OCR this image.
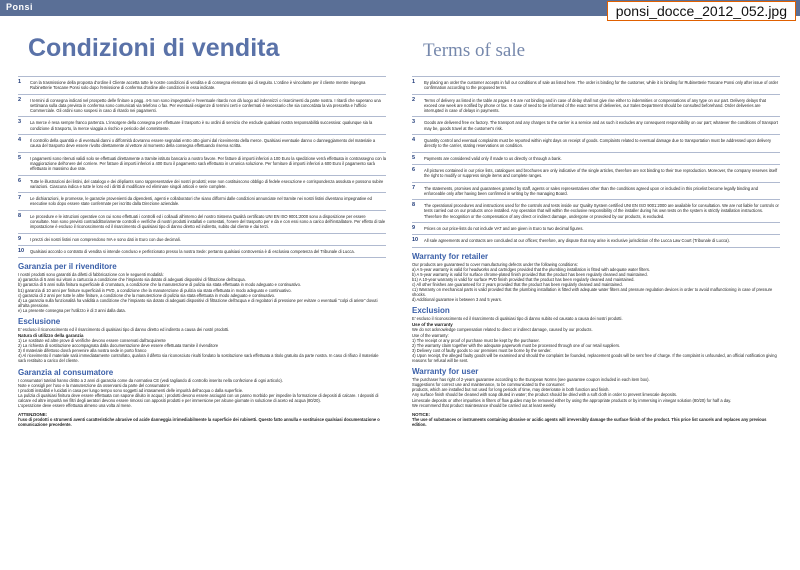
Ponsi	ponsi_docce_2012_052.jpg
Condizioni di vendita	Terms of sale
1 Con la trasmissione della proposta d'ordine il Cliente accetta tutte le nostre condizioni di vendita e di consegna elencate qui di seguito. L'ordine è vincolante per il cliente mentre impegna Rubinetterie Toscane Ponsi solo dopo l'emissione di conferma d'ordine alle condizioni in essa indicate.
2 I termini di consegna indicati nel prospetto delle finiture a pagg. 4-5 non sono impegnativi e l'eventuale ritardo non dà luogo ad indennizzi o risarcimenti da parte nostra. I ritardi che superano una settimana sulla data prevista in conferma sono comunicati via telefono o fax. Per eventuali esigenze di termini certi e confermati è necessario che sia concordata la via prescelta e l'ufficio Commerciale. Gli ordini sono sospesi in caso di ritardo nei pagamenti.
3 La merce è resa sempre franco partenza. L'insorgere della consegna per effettuare il trasporto è su ordini di servizio che esclude qualsiasi nostra responsabilità successiva: qualunque sia la condizione di trasporto, la merce viaggia a rischio e pericolo del committente.
4 Il controllo della quantità e di eventuali danni o difformità dovranno essere segnalati entro otto giorni dal ricevimento della merce. Qualsiasi eventuale danno o danneggiamento del materiale a causa del trasporto deve essere rivolto direttamente al vettore al momento della consegna effettuando riserva scritta.
5 I pagamenti sono ritenuti validi solo se effettuati direttamente a tramite istituto bancario a nostro favore. Per fatture di importi inferiori a 100 Euro la spedizione verrà effettuata in contrassegno con la maggiorazione dell'onere del corriere. Per fatture di importi inferiori a 400 Euro il pagamento sarà effettuato in un'unica soluzione. Per forniture di importi inferiori a 600 Euro il pagamento sarà effettuato in massimo due rate.
6 Tutte le illustrazioni dei listini, del catalogo e dei dépliants sono rappresentative dei nostri prodotti; esse non costituiscono obbligo di fedele esecuzione e corrispondenza assoluta e possono subire variazioni. Ciascuna indica e tutte le loro ed i diritti di modificare ed eliminare singoli articoli e serie complete.
7 Le dichiarazioni, le promesse, le garanzie provenienti da dipendenti, agenti e collaboratori che siano difformi dalle condizioni annunciate nel tramite nei nostri listini diventano impegnative ed esecutive solo dopo essere state confermate per iscritto dalla Direzione aziendale.
8 Le procedure e le istruzioni operative con cui sono effettuati i controlli ed i collaudi all'interno del nostro Sistema Qualità certificato UNI EN ISO 9001:2000 sono a disposizione per essere consultate. Non sono previsti contraddittoriamente controlli e verifiche di nostri prodotti installati e contestati, l'onere del trasporto per e da e con essi sono a carico dell'installatore. Per effetto di tale impostazione è escluso il riconoscimento ed il risarcimento di qualsiasi tipo di danno diretto ed indiretto, subito dal cliente e dai terzi.
9 I prezzi dei nostri listini non comprendono IVA e sono dati in Euro con due decimali.
10 Qualsiasi accordo o contratto di vendita si intende concluso e perfezionato presso la nostra Sede: pertanto qualsiasi controversia è di esclusiva competenza del Tribunale di Lucca.
Garanzia per il rivenditore
I nostri prodotti sono garantiti da difetti di fabbricazione con le seguenti modalità:
a) garanzia di 5 anni sui vitoni a cartuccia a condizione che l'impianto sia dotato di adeguati dispositivi di filtrazione dell'acqua.
b) garanzia di 5 anni sulla finitura superficiale di cromatura, a condizione che la manutenzione di pulizia sia stata effettuata in modo adeguato e continuativo.
b1) garanzia di 10 anni per finiture superficiali in PVD, a condizione che la manutenzione di pulizia sia stata effettuata in modo adeguato e continuativo.
c) garanzia di 2 anni per tutte le altre finiture, a condizione che la manutenzione di pulizia sia stata effettuata in modo adeguato e continuativo.
d) La garanzia sulla funzionalità ha validità a condizione che l'impianto sia dotato di adeguati dispositivi di filtrazione dell'acqua e di regolatori di pressione per evitare o eventuali "colpi di ariete" dovuti all'alta pressione.
e) La presente consegna per l'utilizzo è di 3 anni dalla data.
Esclusione
E' escluso il riconoscimento ed il risarcimento di qualsiasi tipo di danno diretto ed indiretto a causa dei nostri prodotti.
Natura di utilizzo della garanzia
1) Le sostitute ed altre prove di verifiche devono essere conservati dall'acquirente
2) La richiesta di sostituzione accompagnata dalla documentazione deve essere effettuata tramite il rivenditore
3) Il materiale difettoso dovrà pervenire alla nostra sede in porto franco
4) Al ricevimento il materiale sarà immediatamente controllato, qualora il difetto sia riconosciuto risulti fondato la sostituzione sarà effettuata a titolo gratuito da parte nostra. In caso di rifiuto il materiale sarà restituito a carico del cliente.
Garanzia al consumatore
I consumatori tutelati hanno diritto a 2 anni di garanzia come da normativa CE (vedi tagliando di controllo inserito nella confezione di ogni articolo).
Note e consigli per l'uso e la manutenzione da osservarsi da parte del consumatore:
I prodotti installati e lucidati in casa per lungo tempo sono soggetti ad intasamenti delle impurità dell'acqua o dalla superficie.
La pulizia di qualsiasi finitura deve essere effettuata con sapone diluito in acqua; i prodotti devono essere asciugati con un panno morbido per impedire la formazione di depositi di calcare. I depositi di calcare ed altre impurità nei filtri degli aeratori devono essere rimossi con appositi prodotti e per immersione per alcune giornate in soluzione di aceto ed acqua (80/20).
L'operazione deve essere effettuata almeno una volta al mese.
ATTENZIONE:
l'uso di prodotti o strumenti aventi caratteristiche abrasive od acide danneggia irrimediabilmente la superficie dei rubinetti. Questo fatto annulla e sostituisce qualsiasi documentazione o comunicazione precedente.
1 By placing an order the customer accepts in full our conditions of sale as listed here. The order is binding for the customer, while it is binding for Rubinetterie Toscane Ponsi only after issue of order confirmation according to the proposed terms.
2 Terms of delivery as listed in the table at pages 4-5 are not binding and in case of delay shall not give rise either to indemnities or compensations of any type on our part. Delivery delays that exceed one week are notified by phone or fax. In case of need to be informed of the exact terms of deliveries, our Sales Department should be consulted beforehand. Order deliveries are interrupted in case of delays in payments.
3 Goods are delivered free ex factory. The transport and any charges to the carrier is a service and as such it excludes any consequent responsibility on our part; whatever the conditions of transport may be, goods travel at the customer's risk.
4 Quantity control and eventual complaints must be reported within eight days on receipt of goods. Complaints related to eventual damage due to transportation must be addressed upon delivery directly to the carrier, stating reservations on condition.
5 Payments are considered valid only if made to us directly or through a bank.
6 All pictures contained in our price lists, catalogues and brochures are only indicative of the single articles, therefore are not binding to their true reproduction. Moreover, the company reserves itself the right to modify or suppress single items and complete ranges.
7 The statements, promises and guarantees granted by staff, agents or sales representatives other than the conditions agreed upon or included in this pricelist become legally binding and enforceable only after having been confirmed in writing by the managing Board.
8 The operational procedures and instructions used for the controls and tests inside our Quality System certified UNI EN ISO 9001:2000 are available for consultation. We are not liable for controls or tests carried out on our products once installed. Any operation that will within the exclusive responsibility of the installer during his own tests on the system is strictly installation instructions. Therefore the recognition or the compensation of any direct or indirect damage, undergone or provoked by our products, is excluded.
9 Prices on our price-lists do not include VAT and are given in Euro to two decimal figures.
10 All sale agreements and contracts are concluded at our offices; therefore, any dispute that may arise is exclusive jurisdiction of the Lucca Law Court (Tribunale di Lucca).
Warranty for retailer
Our products are guaranteed to cover manufacturing defects under the following conditions:
a) A 5-year warranty is valid for headworks and cartridges provided that the plumbing installation is fitted with adequate water filters.
b) A 5-year warranty is valid for surface chrome-plated finish provided that the product has been regularly cleaned and maintained.
b1) A 10-year warranty is valid for surface PVD finish provided that the product has been regularly cleaned and maintained.
c) All other finishes are guaranteed for 2 years provided that the product has been regularly cleaned and maintained.
c1) Warranty on mechanical parts is valid provided that the plumbing installation is fitted with adequate water filters and pressure regulation devices in order to avoid malfunctioning in case of pressure shocks.
d) Additional guarantee is between 3 and 5 years.
Exclusion
E' escluso il riconoscimento ed il risarcimento di qualsiasi tipo di danno subito ed causato a causa dei nostri prodotti.
Use of the warranty
We do not acknowledge compensation related to direct or indirect damage, caused by our products.
Use of the warranty:
1) The receipt or any proof of purchase must be kept by the purchaser.
2) The warranty claim together with the adequate paperwork must be processed through one of our retail suppliers.
3) Delivery cost of faulty goods to our premises must be borne by the sender.
4) Upon receipt, the alleged faulty goods will be examined and should the complaint be founded, replacement goods will be sent free of charge. If the complaint is unfounded, an official notification giving reasons for refusal will be sent.
Warranty for user
The purchaser has right of 2-years guarantee according to the European Norms (see guarantee coupon included in each item box).
Suggestions for correct use and maintenance, to be communicated to the consumer:
products, which are installed but not used for long periods of time, may deteriorate in both function and finish.
Any surface finish should be cleaned with soap diluted in water; the product should be dried with a soft cloth in order to prevent limescale deposits.
Limescale deposits or other impurities in filters of flow guides may be removed either by using the appropriate products or by immersing in vinegar solution (80/20) for half a day.
We recommend that product maintenance should be carried out at least weekly.
NOTICE:
The use of substances or instruments containing abrasive or acidic agents will irreversibly damage the surface finish of the product. This price list cancels and replaces any previous edition.
